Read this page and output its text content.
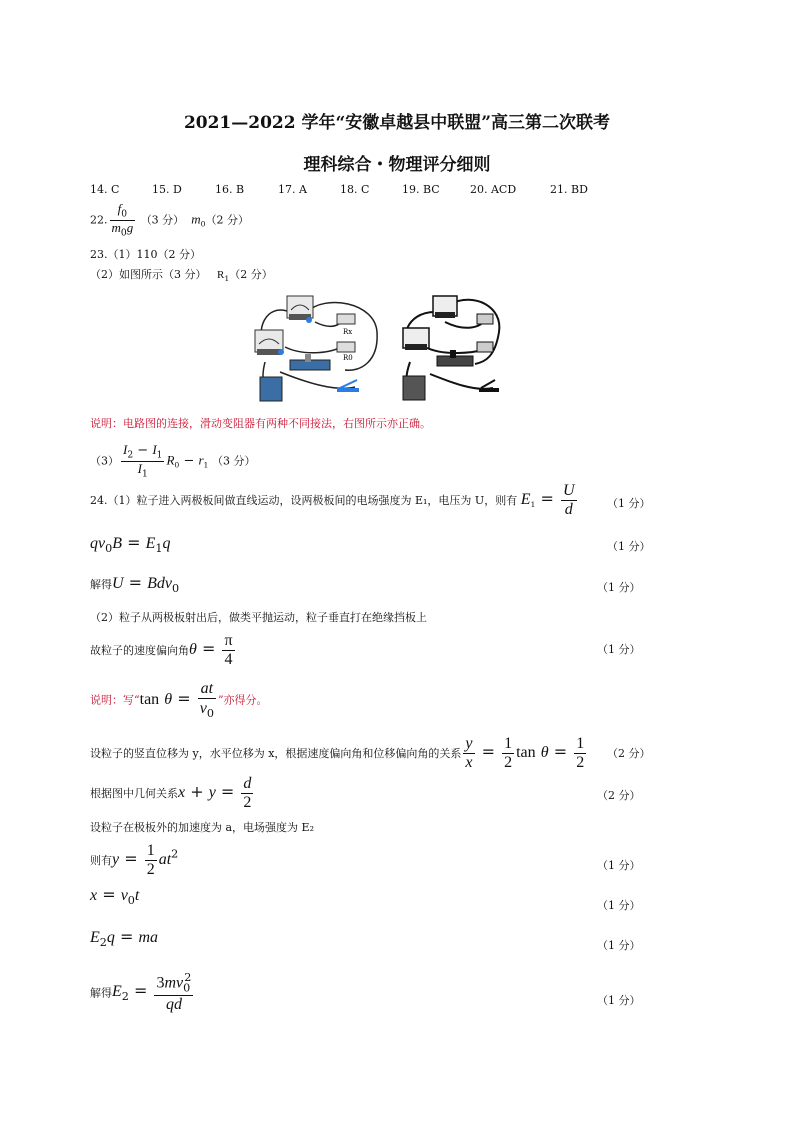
2021—2022 学年“安徽卓越县中联盟”高三第二次联考
理科综合・物理评分细则
14. C	15. D	16. B	17. A	18. C	19. BC	20. ACD	21. BD
22. $\frac{f_0}{m_0g} (3$ 分） $m_0(2$ 分）
23.（1）110（2 分）
（2）如图所示（3 分） $R_1(2$ 分）
Rx
R0
说明：电路图的连接，滑动变阻器有两种不同接法，右图所示亦正确。
$(3) \frac{I_2 - I_1}{I_1} R_0 - r_1$ （3 分）
24.（1）粒子进入两极板间做直线运动，设两极板间的电场强度为 E₁，电压为 U，则有 $E_1 = \frac{U}{d}$	（1 分）
$qv_0B = E_1q$	（1 分）
解得U = Bdv$_0$	（1 分）
（2）粒子从两极板射出后，做类平抛运动，粒子垂直打在绝缘挡板上
故粒子的速度偏向角$\theta = \frac{\pi}{4}$	（1 分）
说明：写“tan $\theta = \frac{at}{v_0}$ ”亦得分。
设粒子的竖直位移为 y，水平位移为 x，根据速度偏向角和位移偏向角的关系 $\frac{y}{x} = \frac{1}{2}$ $\tan \theta = \frac{1}{2} (2$ 分）
根据图中几何关系$x + y = \frac{d}{2}$	（2 分）
设粒子在极板外的加速度为 a，电场强度为 E₂
则有$y = \frac{1}{2} at^2$
（1 分）
$x = v_0t$
（1 分）
$E_2q$ = ma	（1 分）
解得$E_2 = \frac{3mv_0^2}{qd}$	（1 分）
